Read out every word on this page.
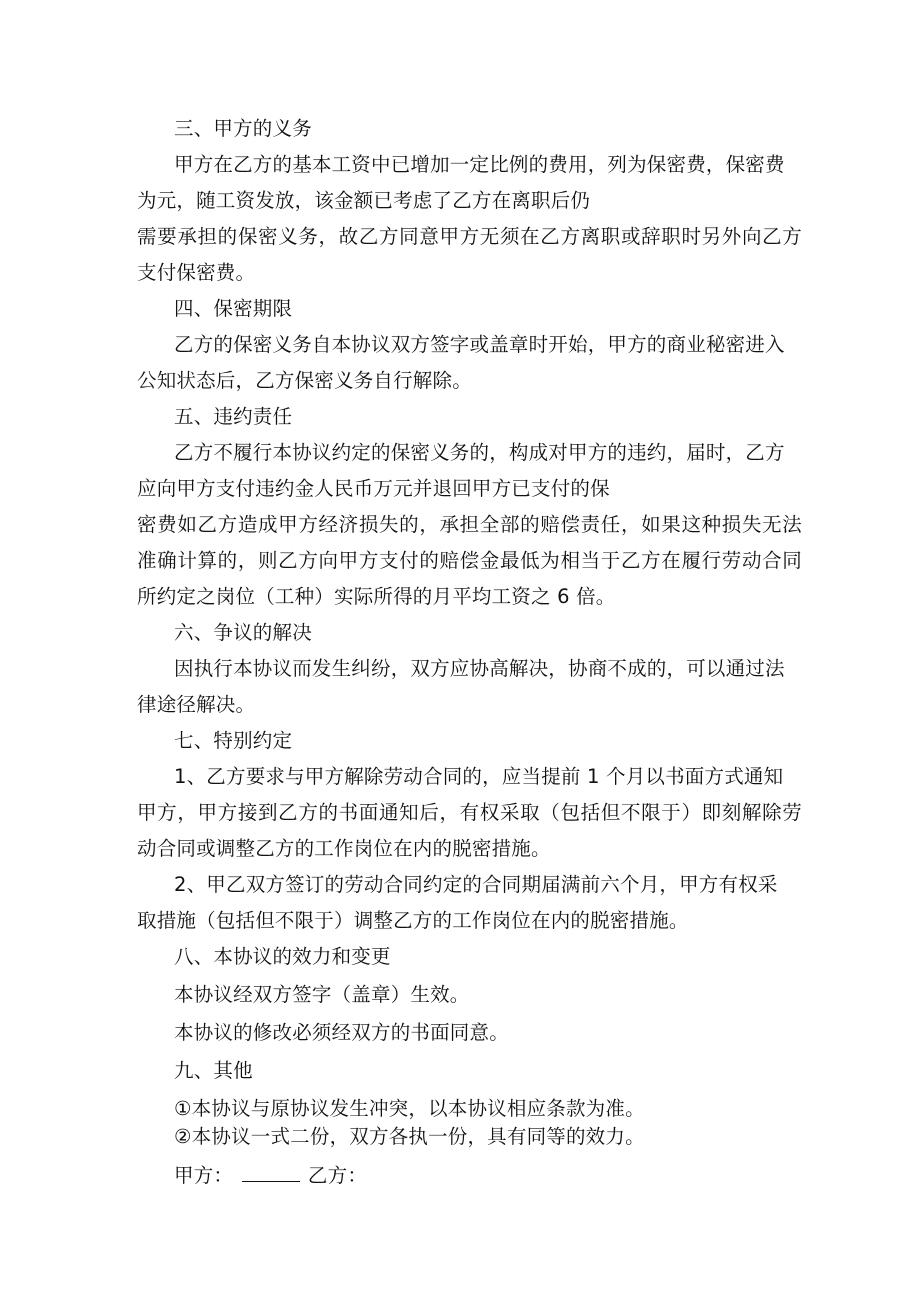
三、甲方的义务
甲方在乙方的基本工资中已增加一定比例的费用，列为保密费，保密费
为元，随工资发放，该金额已考虑了乙方在离职后仍
需要承担的保密义务，故乙方同意甲方无须在乙方离职或辞职时另外向乙方
支付保密费。
四、保密期限
乙方的保密义务自本协议双方签字或盖章时开始，甲方的商业秘密进入
公知状态后，乙方保密义务自行解除。
五、违约责任
乙方不履行本协议约定的保密义务的，构成对甲方的违约，届时，乙方
应向甲方支付违约金人民币万元并退回甲方已支付的保
密费如乙方造成甲方经济损失的，承担全部的赔偿责任，如果这种损失无法
准确计算的，则乙方向甲方支付的赔偿金最低为相当于乙方在履行劳动合同
所约定之岗位（工种）实际所得的月平均工资之 6 倍。
六、争议的解决
因执行本协议而发生纠纷，双方应协高解决，协商不成的，可以通过法
律途径解决。
七、特别约定
1、乙方要求与甲方解除劳动合同的，应当提前 1 个月以书面方式通知
甲方，甲方接到乙方的书面通知后，有权采取（包括但不限于）即刻解除劳
动合同或调整乙方的工作岗位在内的脱密措施。
2、甲乙双方签订的劳动合同约定的合同期届满前六个月，甲方有权采
取措施（包括但不限于）调整乙方的工作岗位在内的脱密措施。
八、本协议的效力和变更
本协议经双方签字（盖章）生效。
本协议的修改必须经双方的书面同意。
九、其他
①本协议与原协议发生冲突，以本协议相应条款为准。
②本协议一式二份，双方各执一份，具有同等的效力。
甲方：	乙方：
